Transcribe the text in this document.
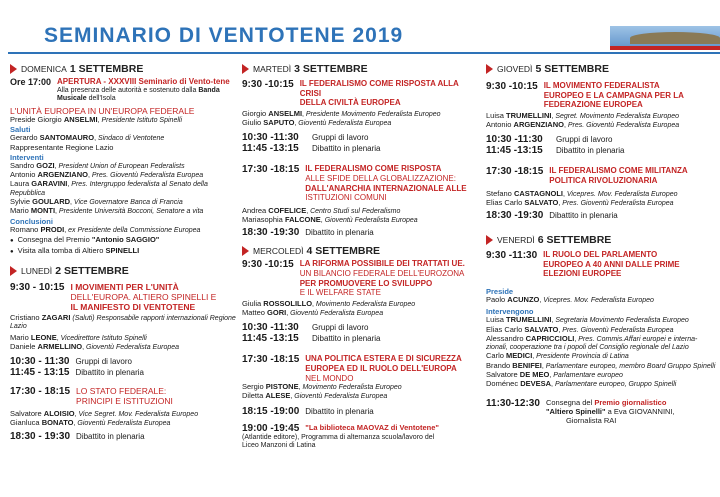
SEMINARIO DI VENTOTENE 2019
DOMENICA 1 SETTEMBRE
Ore 17:00 APERTURA - XXXVIII Seminario di Vento-tene
Alla presenza delle autorità e sostenuto dalla Banda Musicale dell'Isola
L'UNITÀ EUROPEA IN UN'EUROPA FEDERALE
Preside Giorgio ANSELMI, Presidente Istituto Spinelli
Saluti
Gerardo SANTOMAURO, Sindaco di Ventotene
Rappresentante Regione Lazio
Interventi
Sandro GOZI, President Union of European Federalists
Antonio ARGENZIANO, Pres. Gioventù Federalista Europea
Laura GARAVINI, Pres. Intergruppo federalista al Senato della Repubblica
Sylvie GOULARD, Vice Governatore Banca di Francia
Mario MONTI, Presidente Università Bocconi, Senatore a vita
Conclusioni
Romano PRODI, ex Presidente della Commissione Europea
● Consegna del Premio "Antonio SAGGIO"
● Visita alla tomba di Altiero SPINELLI
LUNEDÌ 2 SETTEMBRE
9:30 - 10:15 I MOVIMENTI PER L'UNITÀ
DELL'EUROPA. ALTIERO SPINELLI E
IL MANIFESTO DI VENTOTENE
Cristiano ZAGARI (Saluti) Responsabile rapporti internazionali Regione Lazio
Mario LEONE, Vicedirettore Istituto Spinelli
Daniele ARMELLINO, Gioventù Federalista Europea
10:30 - 11:30 Gruppi di lavoro
11:45 - 13:15 Dibattito in plenaria
17:30 - 18:15 LO STATO FEDERALE:
PRINCIPI E ISTITUZIONI
Salvatore ALOISIO, Vice Segret. Mov. Federalista Europeo
Gianluca BONATO, Gioventù Federalista Europea
18:30 - 19:30 Dibattito in plenaria
MARTEDÌ 3 SETTEMBRE
9:30 -10:15 IL FEDERALISMO COME RISPOSTA ALLA CRISI
DELLA CIVILTÀ EUROPEA
Giorgio ANSELMI, Presidente Movimento Federalista Europeo
Giulio SAPUTO, Gioventù Federalista Europea
10:30 -11:30	Gruppi di lavoro
11:45 -13:15	Dibattito in plenaria
17:30 -18:15 IL FEDERALISMO COME RISPOSTA
ALLE SFIDE DELLA GLOBALIZZAZIONE:
DALL'ANARCHIA INTERNAZIONALE ALLE
ISTITUZIONI COMUNI
Andrea COFELICE, Centro Studi sul Federalismo
Mariasophia FALCONE, Gioventù Federalista Europea
18:30 -19:30 Dibattito in plenaria
MERCOLEDÌ 4 SETTEMBRE
9:30 -10:15 LA RIFORMA POSSIBILE DEI TRATTATI UE.
UN BILANCIO FEDERALE DELL'EUROZONA
PER PROMUOVERE LO SVILUPPO
E IL WELFARE STATE
Giulia ROSSOLILLO, Movimento Federalista Europeo
Matteo GORI, Gioventù Federalista Europea
10:30 -11:30	Gruppi di lavoro
11:45 -13:15	Dibattito in plenaria
17:30 -18:15 UNA POLITICA ESTERA E DI SICUREZZA
EUROPEA ED IL RUOLO DELL'EUROPA
NEL MONDO
Sergio PISTONE, Movimento Federalista Europeo
Diletta ALESE, Gioventù Federalista Europea
18:15 -19:00 Dibattito in plenaria
19:00 -19:45 "La biblioteca MAOVAZ di Ventotene"
(Atlantide editore), Programma di alternanza scuola/lavoro del
Liceo Manzoni di Latina
GIOVEDÌ 5 SETTEMBRE
9:30 -10:15 IL MOVIMENTO FEDERALISTA
EUROPEO E LA CAMPAGNA PER LA
FEDERAZIONE EUROPEA
Luisa TRUMELLINI, Segret. Movimento Federalista Europeo
Antonio ARGENZIANO, Pres. Gioventù Federalista Europea
10:30 -11:30	Gruppi di lavoro
11:45 -13:15	Dibattito in plenaria
17:30 -18:15 IL FEDERALISMO COME MILITANZA
POLITICA RIVOLUZIONARIA
Stefano CASTAGNOLI, Vicepres. Mov. Federalista Europeo
Elias Carlo SALVATO, Pres. Gioventù Federalista Europea
18:30 -19:30 Dibattito in plenaria
VENERDÌ 6 SETTEMBRE
9:30 -11:30 IL RUOLO DEL PARLAMENTO
EUROPEO A 40 ANNI DALLE PRIME
ELEZIONI EUROPEE
Preside
Paolo ACUNZO, Vicepres. Mov. Federalista Europeo
Intervengono
Luisa TRUMELLINI, Segretaria Movimento Federalista Europeo
Elias Carlo SALVATO, Pres. Gioventù Federalista Europea
Alessandro CAPRICCIOLI, Pres. Commis.Affari europei e interna-zionali, cooperazione tra i popoli del Consiglio regionale del Lazio
Carlo MEDICI, Presidente Provincia di Latina
Brando BENIFEI, Parlamentare europeo, membro Board Gruppo Spinelli
Salvatore DE MEO, Parlamentare europeo
Doménec DEVESA, Parlamentare europeo, Gruppo Spinelli
11:30-12:30 Consegna del Premio giornalistico
"Altiero Spinelli" a Eva GIOVANNINI,
Giornalista RAI
